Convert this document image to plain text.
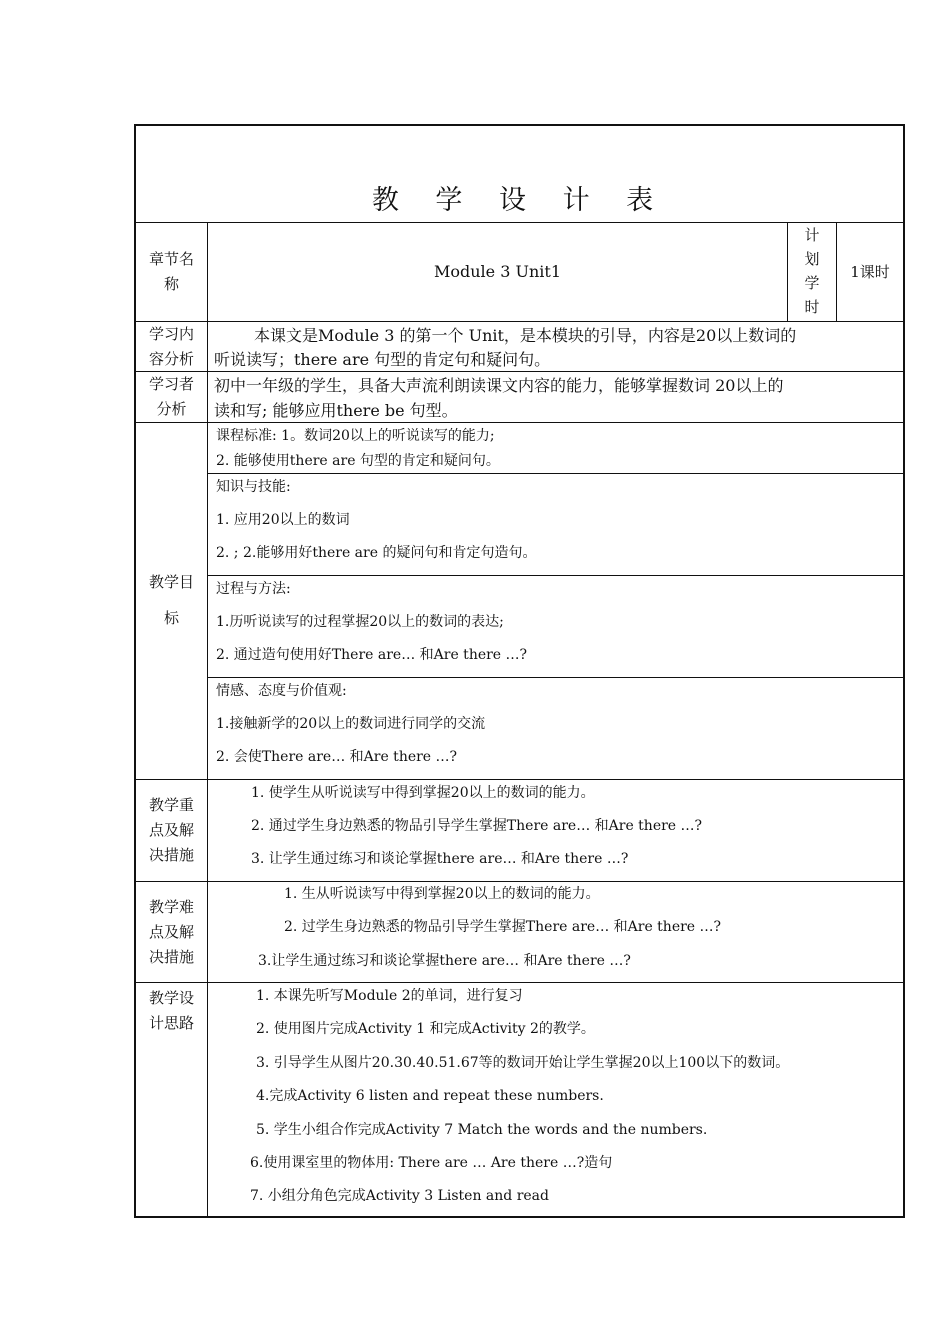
教 学 设 计 表
章节名
称
Module 3 Unit1
计
划
学
时
1课时
学习内
容分析
本课文是Module 3 的第一个 Unit，是本模块的引导，内容是20以上数词的
听说读写；there are 句型的肯定句和疑问句。
学习者
分析
初中一年级的学生，具备大声流利朗读课文内容的能力，能够掌握数词 20以上的
读和写; 能够应用there be 句型。
教学目
标
课程标准: 1。数词20以上的听说读写的能力;
2. 能够使用there are 句型的肯定和疑问句。
知识与技能:
1. 应用20以上的数词
2. ; 2.能够用好there are 的疑问句和肯定句造句。
过程与方法:
1.历听说读写的过程掌握20以上的数词的表达;
2. 通过造句使用好There are… 和Are there …?
情感、态度与价值观:
1.接触新学的20以上的数词进行同学的交流
2. 会使There are… 和Are there …?
教学重
点及解
决措施
1. 使学生从听说读写中得到掌握20以上的数词的能力。
2. 通过学生身边熟悉的物品引导学生掌握There are… 和Are there …?
3. 让学生通过练习和谈论掌握there are… 和Are there …?
教学难
点及解
决措施
1. 生从听说读写中得到掌握20以上的数词的能力。
2. 过学生身边熟悉的物品引导学生掌握There are… 和Are there …?
3.让学生通过练习和谈论掌握there are… 和Are there …?
教学设
计思路
1. 本课先听写Module 2的单词，进行复习
2. 使用图片完成Activity 1 和完成Activity 2的教学。
3. 引导学生从图片20.30.40.51.67等的数词开始让学生掌握20以上100以下的数词。
4.完成Activity 6 listen and repeat these numbers.
5. 学生小组合作完成Activity 7 Match the words and the numbers.
6.使用课室里的物体用: There are … Are there …?造句
7. 小组分角色完成Activity 3 Listen and read
